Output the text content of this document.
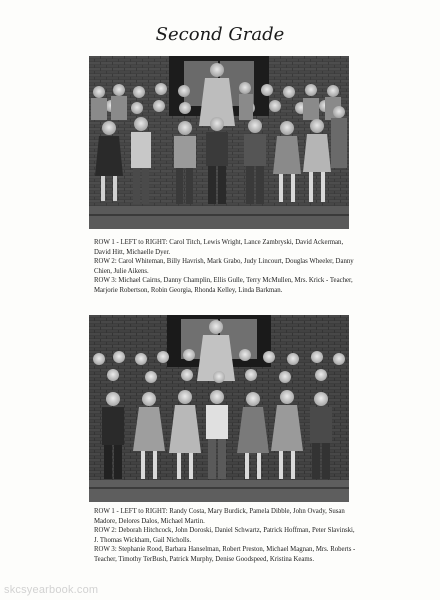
Second Grade

ROW 1 - LEFT to RIGHT: Carol Titch, Lewis Wright, Lance Zambryski, David Ackerman, David Hitt, Michaelle Dyer.

ROW 2: Carol Whiteman, Billy Havrish, Mark Grabo, Judy Lincourt, Douglas Wheeler, Danny Chien, Julie Aikens.

ROW 3: Michael Cairns, Danny Champlin, Ellis Gulle, Terry McMullen, Mrs. Krick - Teacher, Marjorie Robertson, Robin Georgia, Rhonda Kelley, Linda Barkman.

ROW 1 - LEFT to RIGHT: Randy Costa, Mary Burdick, Pamela Dibble, John Ovady, Susan Madore, Delores Dalos, Michael Martin.

ROW 2: Deborah Hitchcock, John Doroski, Daniel Schwartz, Patrick Hoffman, Peter Slavinski, J. Thomas Wickham, Gail Nicholls.

ROW 3: Stephanie Rood, Barbara Hanselman, Robert Preston, Michael Magnan, Mrs. Roberts - Teacher, Timothy TerBush, Patrick Murphy, Denise Goodspeed, Kristina Keams.

skcsyearbook.com
